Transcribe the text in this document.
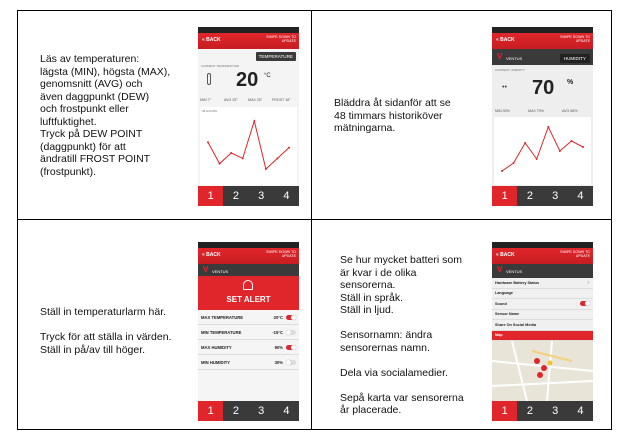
Läs av temperaturen:
lägsta (MIN), högsta (MAX),
genomsnitt (AVG) och
även daggpunkt (DEW)
och frostpunkt eller
luftfuktighet.
Tryck på DEW POINT
(daggpunkt) för att
ändratill FROST POINT
(frostpunkt).
« BACK	SWIPE DOWN TO UPDATE
TEMPERATURE
CURRENT TEMPERATURE
20 °C
MIN 7°	AVG 25°	MAX 25°	FROST 18°
48 HOURS
1	2	3	4
Bläddra åt sidanför att se
48 timmars historiköver
mätningarna.
« BACK	SWIPE DOWN TO UPDATE
V VENTUS	HUMIDITY
CURRENT HUMIDITY
•• 70 %
MIN 30%	MAX 70%	AVG 68%
1	2	3	4
Ställ in temperaturlarm här.

Tryck för att ställa in värden.
Ställ in på/av till höger.
« BACK	SWIPE DOWN TO UPDATE
V VENTUS
SET ALERT
MAX TEMPERATURE	20°C
MIN TEMPERATURE	-15°C
MAX HUMIDITY	90%
MIN HUMIDITY	30%
1	2	3	4
Se hur mycket batteri som
är kvar i de olika
sensorerna.
Ställ in språk.
Ställ in ljud.

Sensornamn: ändra
sensorernas namn.

Dela via socialamedier.

Sepå karta var sensorerna
år placerade.
« BACK	SWIPE DOWN TO UPDATE
V VENTUS
Hardware Battery Status	›
Language
Sound
Sensor Name
Share On Social Media
Map
1	2	3	4
